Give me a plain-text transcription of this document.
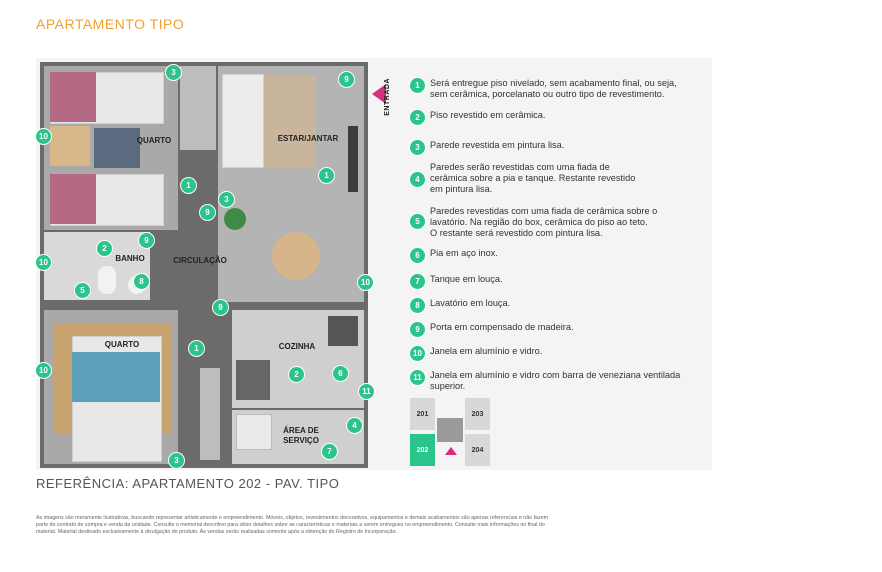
APARTAMENTO TIPO
QUARTO	ESTAR/JANTAR
BANHO	CIRCULAÇÃO
QUARTO	COZINHA
ÁREA DE
SERVIÇO
3
9
10
1
1
3
9
9
2
10
8
5
10
9
1
10	2	6
11
4
7
3
ENTRADA	1	Será entregue piso nivelado, sem acabamento final, ou seja,
sem cerâmica, porcelanato ou outro tipo de revestimento.
2	Piso revestido em cerâmica.
3	Parede revestida em pintura lisa.
4
Paredes serão revestidas com uma fiada de
cerâmica sobre a pia e tanque. Restante revestido
em pintura lisa.
5
Paredes revestidas com uma fiada de cerâmica sobre o
lavatório. Na região do box, cerâmica do piso ao teto.
O restante será revestido com pintura lisa.
6	Pia em aço inox.
7	Tanque em louça.
8	Lavatório em louça.
9	Porta em compensado de madeira.
10 Janela em alumínio e vidro.
11 Janela em alumínio e vidro com barra de veneziana ventilada superior.
201	203
202	204
REFERÊNCIA: APARTAMENTO 202 - PAV. TIPO
As imagens são meramente ilustrativas, buscando representar artisticamente o empreendimento. Móveis, objetos, revestimentos decorativos, equipamentos e demais acabamentos são apenas referenciais e não fazem parte do contrato de compra e venda da unidade. Consulte o memorial descritivo para obter detalhes sobre as características e materiais a serem entregues no empreendimento. Consulte mais informações no final do material. Material destinado exclusivamente à divulgação do produto. As vendas serão realizadas somente após a obtenção do Registro de Incorporação.
